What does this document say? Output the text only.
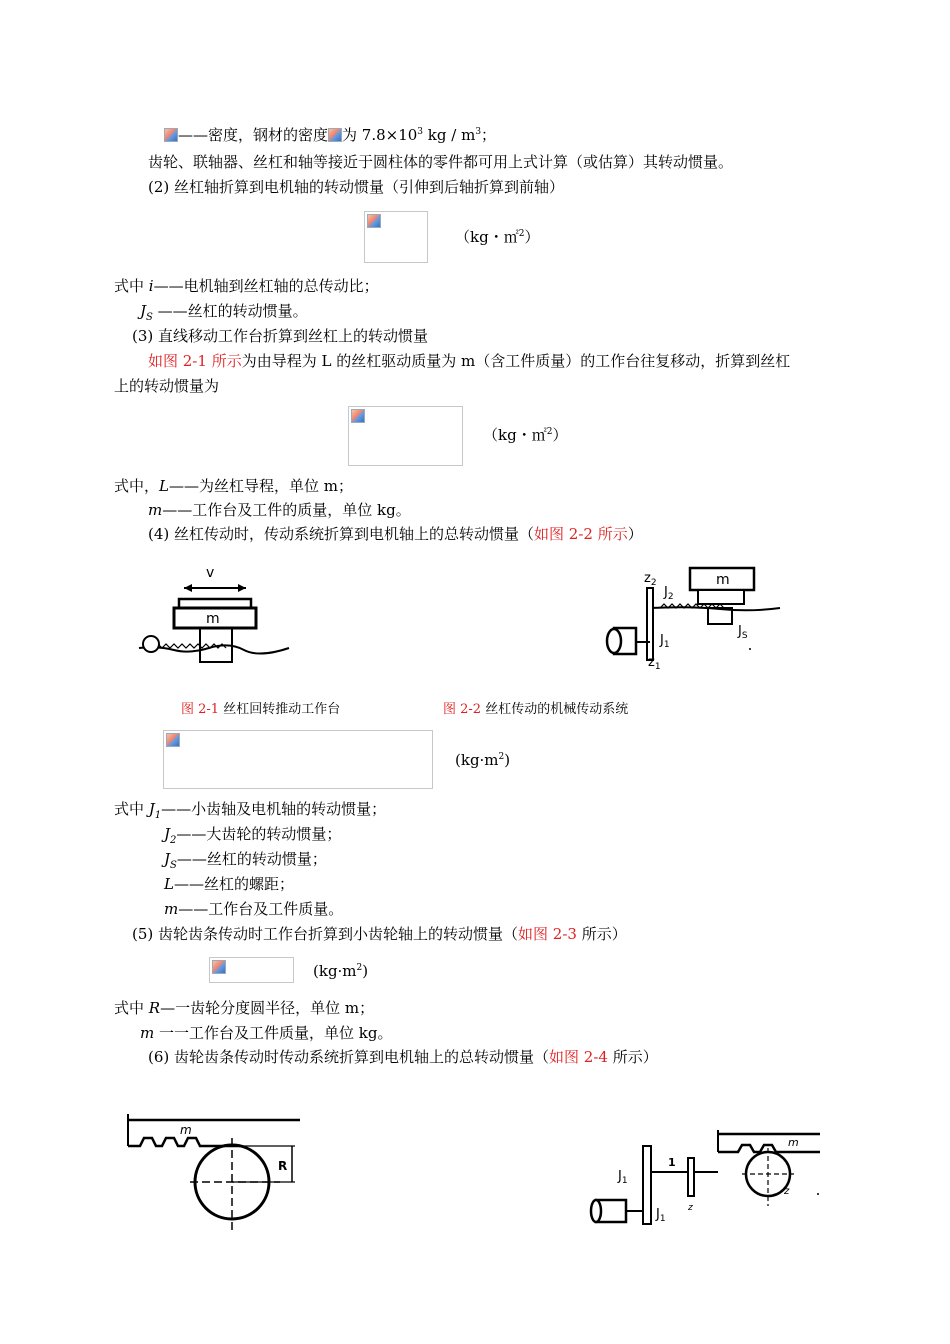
——密度，钢材的密度 为 $7.8\times 10^3$ kg / $m^3$；
齿轮、联轴器、丝杠和轴等接近于圆柱体的零件都可用上式计算（或估算）其转动惯量。
(2) 丝杠轴折算到电机轴的转动惯量（引伸到后轴折算到前轴）
（kg・㎡$^2$）
式中 i——电机轴到丝杠轴的总传动比；
$J_S$ ——丝杠的转动惯量。
(3) 直线移动工作台折算到丝杠上的转动惯量
如图 2-1 所示为由导程为 L 的丝杠驱动质量为 m（含工件质量）的工作台往复移动，折算到丝杠
上的转动惯量为
（kg・㎡$^2$）
式中，L——为丝杠导程，单位 m；
m——工作台及工件的质量，单位 kg。
(4) 丝杠传动时，传动系统折算到电机轴上的总转动惯量（如图 2-2 所示）
v
m
$z_2$
$J_2$
m
$J_1$
$J_S$
$z_1$
图 2-1 丝杠回转推动工作台	图 2-2 丝杠传动的机械传动系统
$(kg\cdot m^2)$
式中 $J_1——$小齿轴及电机轴的转动惯量；
$J_2——$大齿轮的转动惯量；
$J_S——$丝杠的转动惯量；
L——丝杠的螺距；
m——工作台及工件质量。
(5) 齿轮齿条传动时工作台折算到小齿轮轴上的转动惯量（如图 2-3 所示）
$(kg\cdot m^2)$
式中 R—一齿轮分度圆半径，单位 m；
m 一一工作台及工件质量，单位 kg。
(6) 齿轮齿条传动时传动系统折算到电机轴上的总转动惯量（如图 2-4 所示）
m
R
m
z
1
z
$J_1$
$J_1$
